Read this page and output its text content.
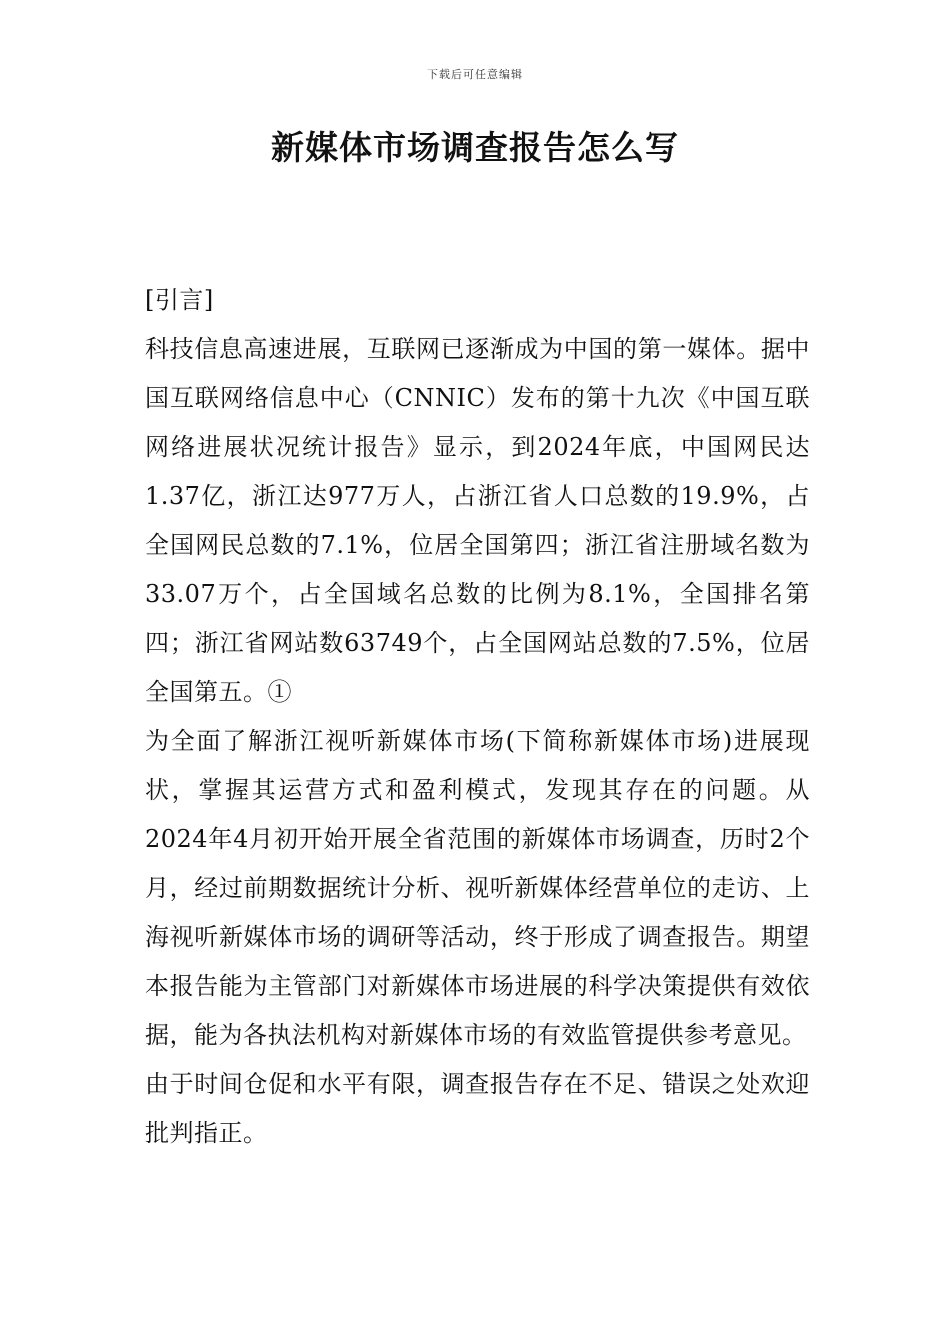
下载后可任意编辑
新媒体市场调查报告怎么写

[引言]

科技信息高速进展，互联网已逐渐成为中国的第一媒体。据中国互联网络信息中心（CNNIC）发布的第十九次《中国互联网络进展状况统计报告》显示，到2024年底，中国网民达1.37亿，浙江达977万人，占浙江省人口总数的19.9%，占全国网民总数的7.1%，位居全国第四；浙江省注册域名数为33.07万个，占全国域名总数的比例为8.1%，全国排名第四；浙江省网站数63749个，占全国网站总数的7.5%，位居全国第五。①

为全面了解浙江视听新媒体市场(下简称新媒体市场)进展现状，掌握其运营方式和盈利模式，发现其存在的问题。从2024年4月初开始开展全省范围的新媒体市场调查，历时2个月，经过前期数据统计分析、视听新媒体经营单位的走访、上海视听新媒体市场的调研等活动，终于形成了调查报告。期望本报告能为主管部门对新媒体市场进展的科学决策提供有效依据，能为各执法机构对新媒体市场的有效监管提供参考意见。

由于时间仓促和水平有限，调查报告存在不足、错误之处欢迎批判指正。
